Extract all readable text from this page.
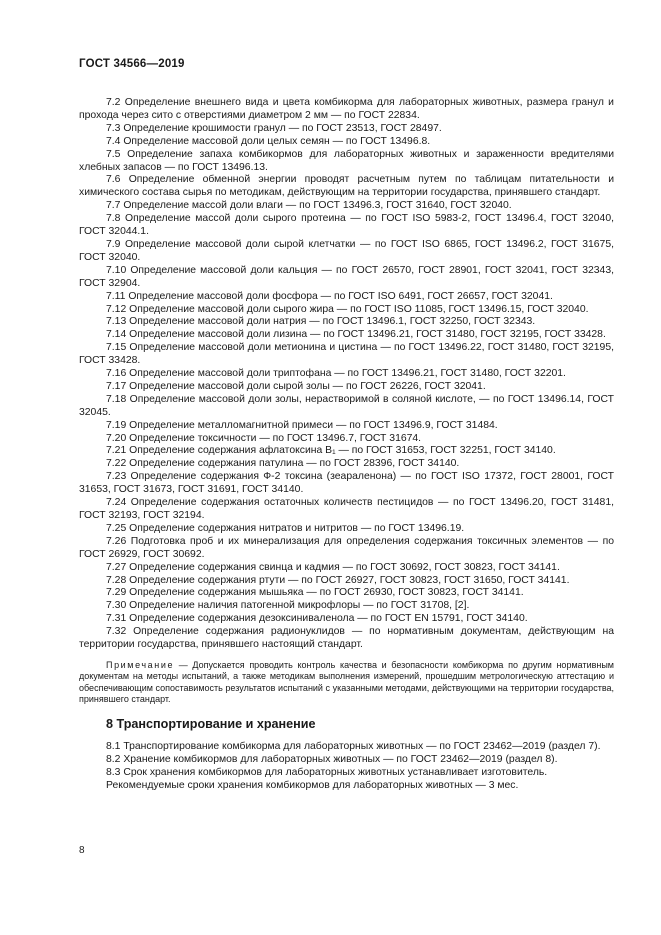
ГОСТ 34566—2019

7.2 Определение внешнего вида и цвета комбикорма для лабораторных животных, размера гранул и прохода через сито с отверстиями диаметром 2 мм — по ГОСТ 22834.

7.3 Определение крошимости гранул — по ГОСТ 23513, ГОСТ 28497.

7.4 Определение массовой доли целых семян — по ГОСТ 13496.8.

7.5 Определение запаха комбикормов для лабораторных животных и зараженности вредителями хлебных запасов — по ГОСТ 13496.13.

7.6 Определение обменной энергии проводят расчетным путем по таблицам питательности и химического состава сырья по методикам, действующим на территории государства, принявшего стандарт.

7.7 Определение массой доли влаги — по ГОСТ 13496.3, ГОСТ 31640, ГОСТ 32040.

7.8 Определение массой доли сырого протеина — по ГОСТ ISO 5983-2, ГОСТ 13496.4, ГОСТ 32040, ГОСТ 32044.1.

7.9 Определение массовой доли сырой клетчатки — по ГОСТ ISO 6865, ГОСТ 13496.2, ГОСТ 31675, ГОСТ 32040.

7.10 Определение массовой доли кальция — по ГОСТ 26570, ГОСТ 28901, ГОСТ 32041, ГОСТ 32343, ГОСТ 32904.

7.11 Определение массовой доли фосфора — по ГОСТ ISO 6491, ГОСТ 26657, ГОСТ 32041.

7.12 Определение массовой доли сырого жира — по ГОСТ ISO 11085, ГОСТ 13496.15, ГОСТ 32040.

7.13 Определение массовой доли натрия — по ГОСТ 13496.1, ГОСТ 32250, ГОСТ 32343.

7.14 Определение массовой доли лизина — по ГОСТ 13496.21, ГОСТ 31480, ГОСТ 32195, ГОСТ 33428.

7.15 Определение массовой доли метионина и цистина — по ГОСТ 13496.22, ГОСТ 31480, ГОСТ 32195, ГОСТ 33428.

7.16 Определение массовой доли триптофана — по ГОСТ 13496.21, ГОСТ 31480, ГОСТ 32201.

7.17 Определение массовой доли сырой золы — по ГОСТ 26226, ГОСТ 32041.

7.18 Определение массовой доли золы, нерастворимой в соляной кислоте, — по ГОСТ 13496.14, ГОСТ 32045.

7.19 Определение металломагнитной примеси — по ГОСТ 13496.9, ГОСТ 31484.

7.20 Определение токсичности — по ГОСТ 13496.7, ГОСТ 31674.

7.21 Определение содержания афлатоксина B₁ — по ГОСТ 31653, ГОСТ 32251, ГОСТ 34140.

7.22 Определение содержания патулина — по ГОСТ 28396, ГОСТ 34140.

7.23 Определение содержания Ф-2 токсина (зеараленона) — по ГОСТ ISO 17372, ГОСТ 28001, ГОСТ 31653, ГОСТ 31673, ГОСТ 31691, ГОСТ 34140.

7.24 Определение содержания остаточных количеств пестицидов — по ГОСТ 13496.20, ГОСТ 31481, ГОСТ 32193, ГОСТ 32194.

7.25 Определение содержания нитратов и нитритов — по ГОСТ 13496.19.

7.26 Подготовка проб и их минерализация для определения содержания токсичных элементов — по ГОСТ 26929, ГОСТ 30692.

7.27 Определение содержания свинца и кадмия — по ГОСТ 30692, ГОСТ 30823, ГОСТ 34141.

7.28 Определение содержания ртути — по ГОСТ 26927, ГОСТ 30823, ГОСТ 31650, ГОСТ 34141.

7.29 Определение содержания мышьяка — по ГОСТ 26930, ГОСТ 30823, ГОСТ 34141.

7.30 Определение наличия патогенной микрофлоры — по ГОСТ 31708, [2].

7.31 Определение содержания дезоксиниваленола — по ГОСТ EN 15791, ГОСТ 34140.

7.32 Определение содержания радионуклидов — по нормативным документам, действующим на территории государства, принявшего настоящий стандарт.

Примечание — Допускается проводить контроль качества и безопасности комбикорма по другим нормативным документам на методы испытаний, а также методикам выполнения измерений, прошедшим метрологическую аттестацию и обеспечивающим сопоставимость результатов испытаний с указанными методами, действующими на территории государства, принявшего стандарт.
8 Транспортирование и хранение

8.1 Транспортирование комбикорма для лабораторных животных — по ГОСТ 23462—2019 (раздел 7).

8.2 Хранение комбикормов для лабораторных животных — по ГОСТ 23462—2019 (раздел 8).

8.3 Срок хранения комбикормов для лабораторных животных устанавливает изготовитель.

Рекомендуемые сроки хранения комбикормов для лабораторных животных — 3 мес.

8
